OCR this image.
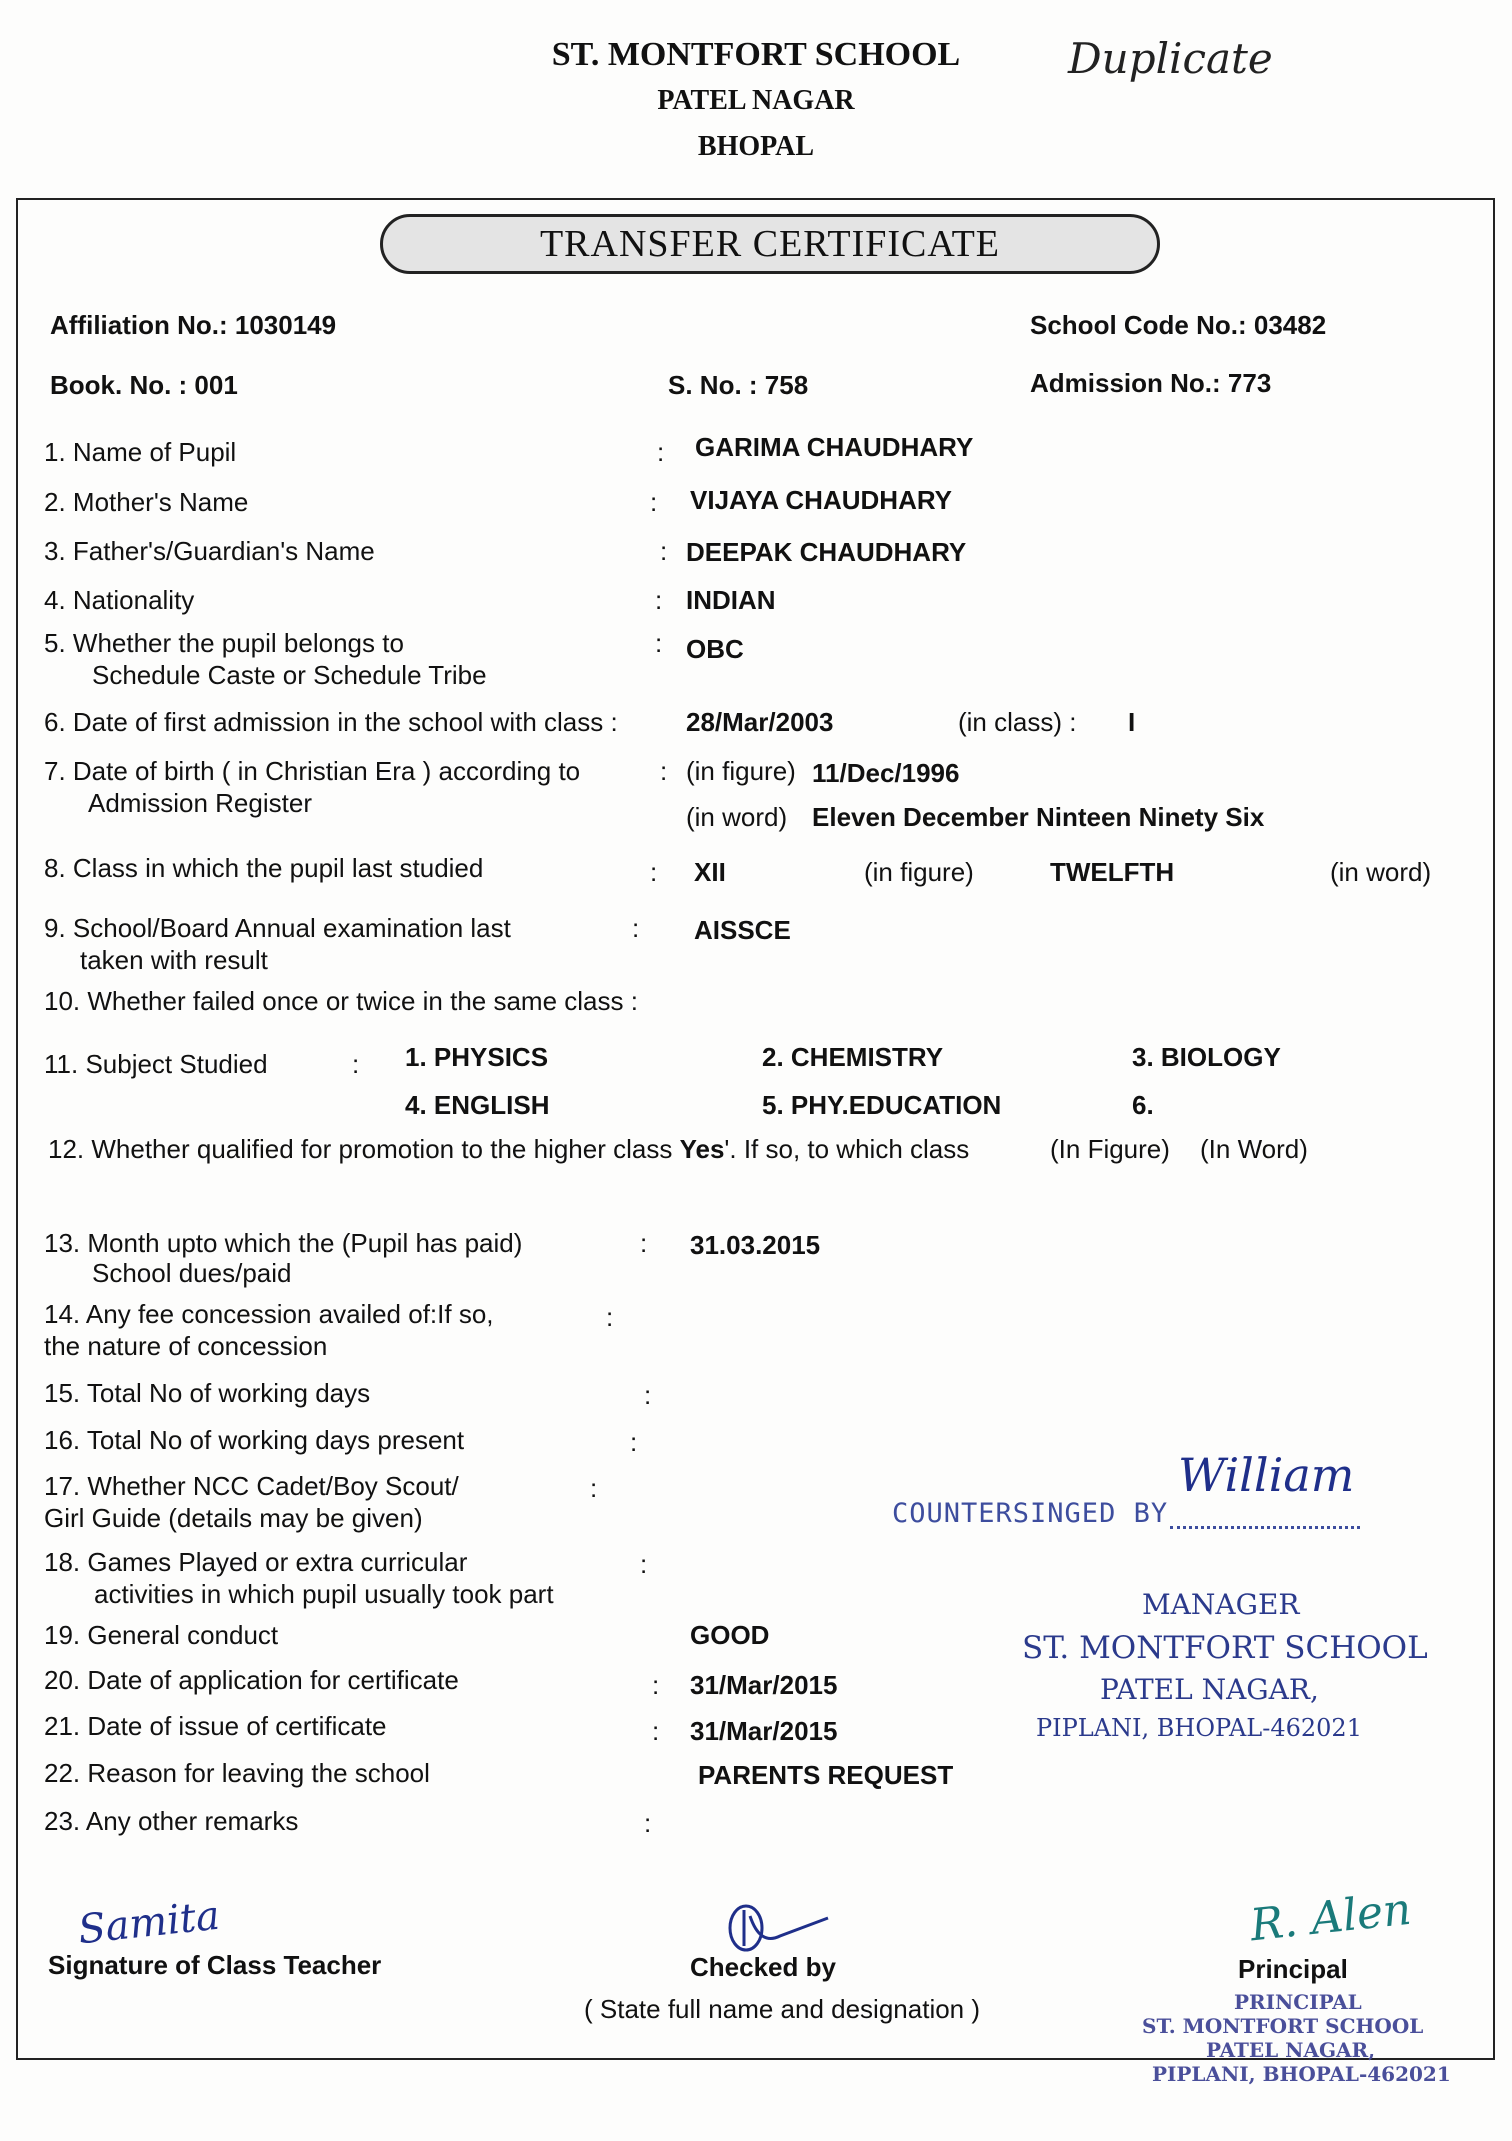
ST. MONTFORT SCHOOL
PATEL NAGAR
BHOPAL
Duplicate
TRANSFER CERTIFICATE
Affiliation No.: 1030149	School Code No.: 03482
Book. No. : 001	S. No. : 758	Admission No.: 773
1. Name of Pupil	: GARIMA CHAUDHARY
2. Mother's Name	: VIJAYA CHAUDHARY
3. Father's/Guardian's Name	: DEEPAK CHAUDHARY
4. Nationality	: INDIAN
5. Whether the pupil belongs to
Schedule Caste or Schedule Tribe
: OBC
6. Date of first admission in the school with class :	28/Mar/2003	(in class) : I
7. Date of birth ( in Christian Era ) according to
Admission Register
: (in figure) 11/Dec/1996
(in word) Eleven December Ninteen Ninety Six
8. Class in which the pupil last studied	: XII	(in figure)	TWELFTH	(in word)
9. School/Board Annual examination last
taken with result
: AISSCE
10. Whether failed once or twice in the same class :
11. Subject Studied	: 1. PHYSICS	2. CHEMISTRY	3. BIOLOGY
4. ENGLISH	5. PHY.EDUCATION	6.
12. Whether qualified for promotion to the higher class Yes'. If so, to which class	(In Figure) (In Word)
13. Month upto which the (Pupil has paid)
School dues/paid
: 31.03.2015
14. Any fee concession availed of:If so,
the nature of concession
:
15. Total No of working days	:
16. Total No of working days present	:
17. Whether NCC Cadet/Boy Scout/
Girl Guide (details may be given)
:
18. Games Played or extra curricular
activities in which pupil usually took part
:
19. General conduct	GOOD
20. Date of application for certificate	: 31/Mar/2015
21. Date of issue of certificate	: 31/Mar/2015
22. Reason for leaving the school	PARENTS REQUEST
23. Any other remarks	:
COUNTERSINGED BY
William
MANAGER
ST. MONTFORT SCHOOL
PATEL NAGAR,
PIPLANI, BHOPAL-462021
Samita
Signature of Class Teacher	Checked by
( State full name and designation )
R. Alen
Principal
PRINCIPAL
ST. MONTFORT SCHOOL
PATEL NAGAR,
PIPLANI, BHOPAL-462021
